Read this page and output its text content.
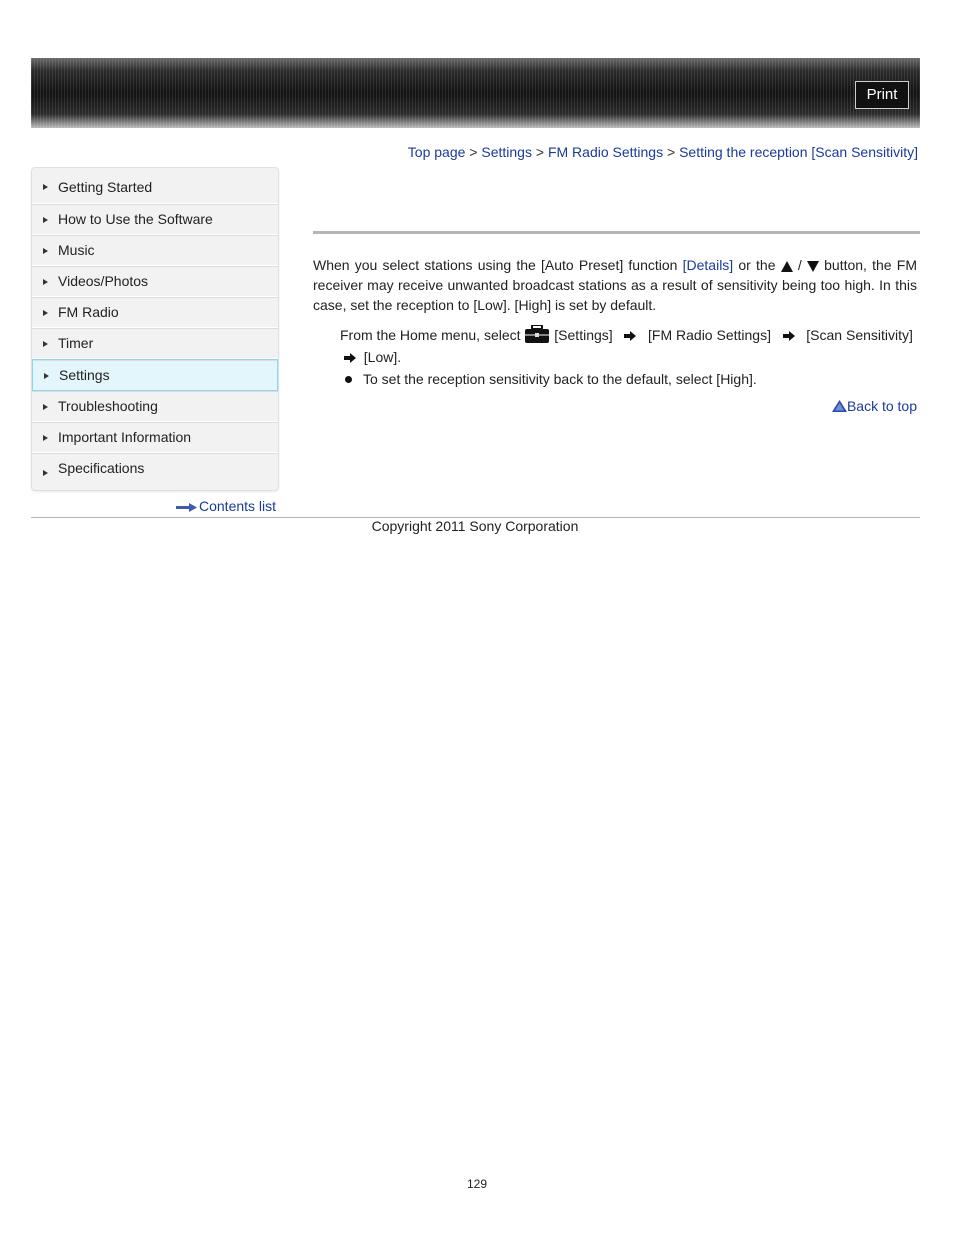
Print
Top page > Settings > FM Radio Settings > Setting the reception [Scan Sensitivity]
Getting Started
How to Use the Software
Music
Videos/Photos
FM Radio
Timer
Settings
Troubleshooting
Important Information
Specifications
Contents list
When you select stations using the [Auto Preset] function [Details] or the  /  button, the FM receiver may receive unwanted broadcast stations as a result of sensitivity being too high. In this case, set the reception to [Low]. [High] is set by default.
From the Home menu, select  [Settings]	[FM Radio Settings]	[Scan Sensitivity]
[Low].
To set the reception sensitivity back to the default, select [High].
Back to top
Copyright 2011 Sony Corporation
129
